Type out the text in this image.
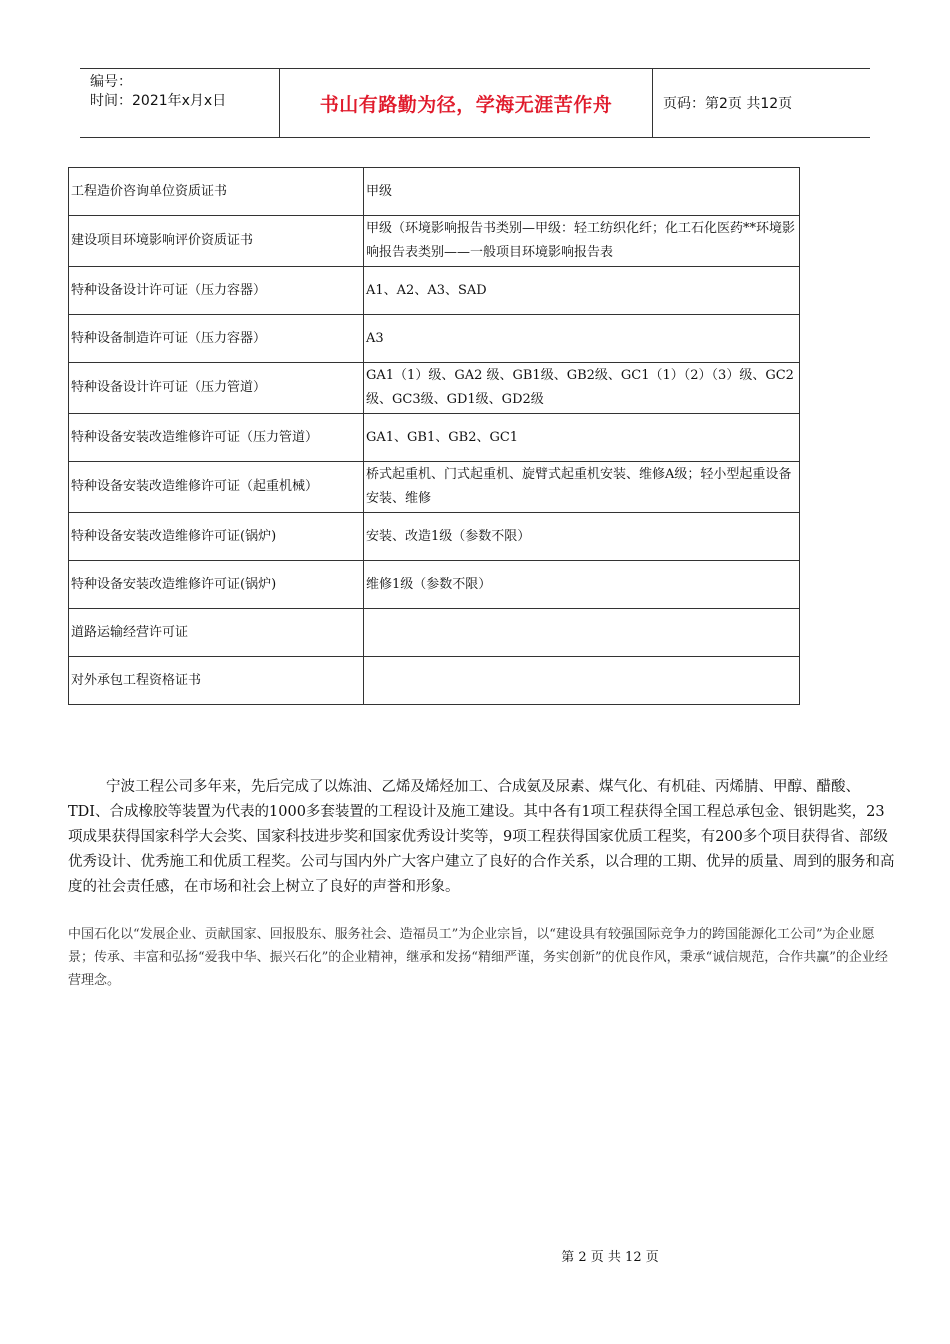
编号：
时间：2021年x月x日	书山有路勤为径，学海无涯苦作舟	页码：第2页 共12页
工程造价咨询单位资质证书	甲级
建设项目环境影响评价资质证书	甲级（环境影响报告书类别—甲级：轻工纺织化纤；化工石化医药**环境影响报告表类别——一般项目环境影响报告表
特种设备设计许可证（压力容器）	A1、A2、A3、SAD
特种设备制造许可证（压力容器）	A3
特种设备设计许可证（压力管道）	GA1（1）级、GA2 级、GB1级、GB2级、GC1（1）（2）（3）级、GC2 级、GC3级、GD1级、GD2级
特种设备安装改造维修许可证（压力管道）	GA1、GB1、GB2、GC1
特种设备安装改造维修许可证（起重机械）	桥式起重机、门式起重机、旋臂式起重机安装、维修A级；轻小型起重设备安装、维修
特种设备安装改造维修许可证(锅炉)	安装、改造1级（参数不限）
特种设备安装改造维修许可证(锅炉)	维修1级（参数不限）
道路运输经营许可证	
对外承包工程资格证书	

宁波工程公司多年来，先后完成了以炼油、乙烯及烯烃加工、合成氨及尿素、煤气化、有机硅、丙烯腈、甲醇、醋酸、TDI、合成橡胶等装置为代表的1000多套装置的工程设计及施工建设。其中各有1项工程获得全国工程总承包金、银钥匙奖，23 项成果获得国家科学大会奖、国家科技进步奖和国家优秀设计奖等，9项工程获得国家优质工程奖，有200多个项目获得省、部级优秀设计、优秀施工和优质工程奖。公司与国内外广大客户建立了良好的合作关系，以合理的工期、优异的质量、周到的服务和高度的社会责任感，在市场和社会上树立了良好的声誉和形象。

中国石化以“发展企业、贡献国家、回报股东、服务社会、造福员工”为企业宗旨，以“建设具有较强国际竞争力的跨国能源化工公司”为企业愿景；传承、丰富和弘扬“爱我中华、振兴石化”的企业精神，继承和发扬“精细严谨，务实创新”的优良作风，秉承“诚信规范，合作共赢”的企业经营理念。

第 2 页 共 12 页
